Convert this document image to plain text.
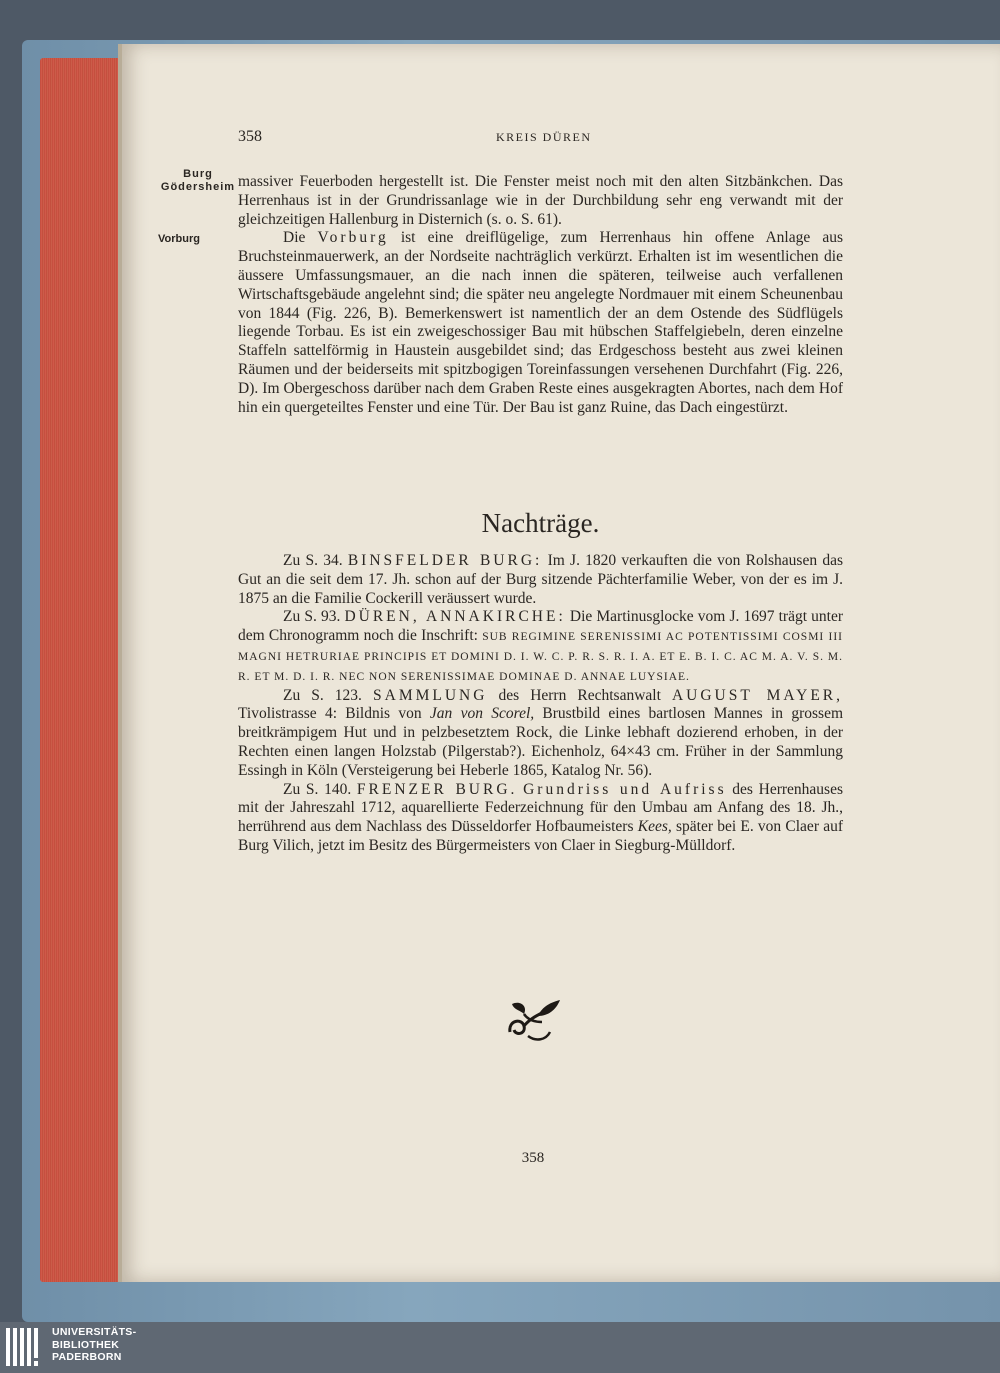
358	KREIS DÜREN
Burg
Gödersheim
Vorburg

massiver Feuerboden hergestellt ist. Die Fenster meist noch mit den alten Sitzbänkchen. Das Herrenhaus ist in der Grundrissanlage wie in der Durchbildung sehr eng verwandt mit der gleichzeitigen Hallenburg in Disternich (s. o. S. 61).

Die Vorburg ist eine dreiflügelige, zum Herrenhaus hin offene Anlage aus Bruchsteinmauerwerk, an der Nordseite nachträglich verkürzt. Erhalten ist im wesentlichen die äussere Umfassungsmauer, an die nach innen die späteren, teilweise auch verfallenen Wirtschaftsgebäude angelehnt sind; die später neu angelegte Nordmauer mit einem Scheunenbau von 1844 (Fig. 226, B). Bemerkenswert ist namentlich der an dem Ostende des Südflügels liegende Torbau. Es ist ein zweigeschossiger Bau mit hübschen Staffelgiebeln, deren einzelne Staffeln sattelförmig in Haustein ausgebildet sind; das Erdgeschoss besteht aus zwei kleinen Räumen und der beiderseits mit spitzbogigen Toreinfassungen versehenen Durchfahrt (Fig. 226, D). Im Obergeschoss darüber nach dem Graben Reste eines ausgekragten Abortes, nach dem Hof hin ein quergeteiltes Fenster und eine Tür. Der Bau ist ganz Ruine, das Dach eingestürzt.

Nachträge.

Zu S. 34. BINSFELDER BURG: Im J. 1820 verkauften die von Rolshausen das Gut an die seit dem 17. Jh. schon auf der Burg sitzende Pächterfamilie Weber, von der es im J. 1875 an die Familie Cockerill veräussert wurde.

Zu S. 93. DÜREN, ANNAKIRCHE: Die Martinusglocke vom J. 1697 trägt unter dem Chronogramm noch die Inschrift: SUB REGIMINE SERENISSIMI AC POTENTISSIMI COSMI III MAGNI HETRURIAE PRINCIPIS ET DOMINI D. I. W. C. P. R. S. R. I. A. ET E. B. I. C. AC M. A. V. S. M. R. ET M. D. I. R. NEC NON SERENISSIMAE DOMINAE D. ANNAE LUYSIAE.

Zu S. 123. SAMMLUNG des Herrn Rechtsanwalt AUGUST MAYER, Tivolistrasse 4: Bildnis von Jan von Scorel, Brustbild eines bartlosen Mannes in grossem breitkrämpigem Hut und in pelzbesetztem Rock, die Linke lebhaft dozierend erhoben, in der Rechten einen langen Holzstab (Pilgerstab?). Eichenholz, 64×43 cm. Früher in der Sammlung Essingh in Köln (Versteigerung bei Heberle 1865, Katalog Nr. 56).

Zu S. 140. FRENZER BURG. Grundriss und Aufriss des Herrenhauses mit der Jahreszahl 1712, aquarellierte Federzeichnung für den Umbau am Anfang des 18. Jh., herrührend aus dem Nachlass des Düsseldorfer Hofbaumeisters Kees, später bei E. von Claer auf Burg Vilich, jetzt im Besitz des Bürgermeisters von Claer in Siegburg-Mülldorf.

358
UNIVERSITÄTS-
BIBLIOTHEK
PADERBORN
